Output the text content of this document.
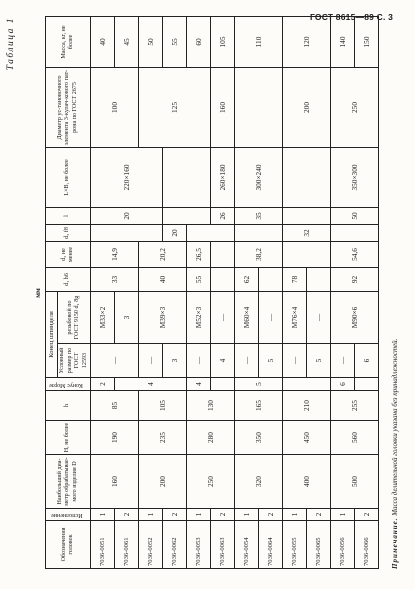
ГОСТ 8615—89 С. 3
Таблица 1
мм
Обозначения головок	Исполнение	Наибольший диа-метр обрабатывае-мого изделия D	H, не более	h	Конус Морзе	Конец шпинделя		d₁ h6	d₂ не менее	d₃ f8	l	L×B, не более	Диаметр ус-тановочного элемента 3-кулач-кового пат-рона по ГОСТ 2675	Масса, кг, не более
						Условный размер по ГОСТ 12593	резьбовой по ГОСТ 9150 d₁ 8g							
7036-0051	1	160	190	85	2	—	М33×2	33	14,9		20	220×160	100	40
7036-0061	2				4		3							45
7036-0052	1	200	235	105		—	М39×3	40	20,2				125	50
7036-0062	2					3				20				55
7036-0053	1	250	280	130	4	—	М52×3	55	26,5					60
7036-0063	2					4	—				26	260×180	160	105
7036-0054	1	320	350	165	5	—	М60×4	62	38,2		35	300×240		110
7036-0064	2					5	—							
7036-0055	1	400	450	210		—	М76×4	78		32			200	120
7036-0065	2					5	—							
7036-0056	1	500	560	255	6	—	М90×6	92	54,6		50	350×300	250	140
7036-0066	2					6								150
Примечание. Масса делительной головки указана без принадлежностей.
